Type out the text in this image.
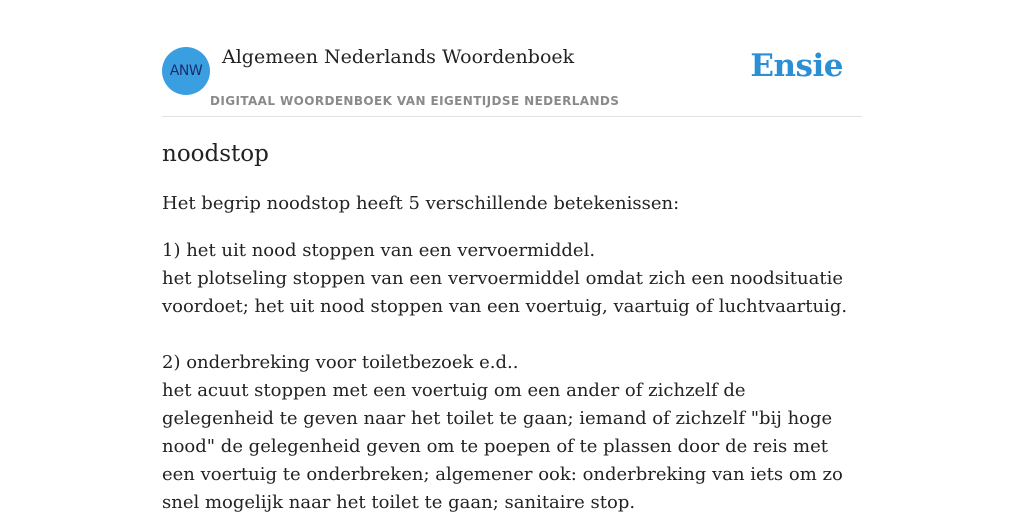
ANW
Algemeen Nederlands Woordenboek
DIGITAAL WOORDENBOEK VAN EIGENTIJDSE NEDERLANDS
Ensie
noodstop

Het begrip noodstop heeft 5 verschillende betekenissen:

1) het uit nood stoppen van een vervoermiddel.
het plotseling stoppen van een vervoermiddel omdat zich een noodsituatie voordoet; het uit nood stoppen van een voertuig, vaartuig of luchtvaartuig.
2) onderbreking voor toiletbezoek e.d..
het acuut stoppen met een voertuig om een ander of zichzelf de gelegenheid te geven naar het toilet te gaan; iemand of zichzelf "bij hoge nood" de gelegenheid geven om te poepen of te plassen door de reis met een voertuig te onderbreken; algemener ook: onderbreking van iets om zo snel mogelijk naar het toilet te gaan; sanitaire stop.
